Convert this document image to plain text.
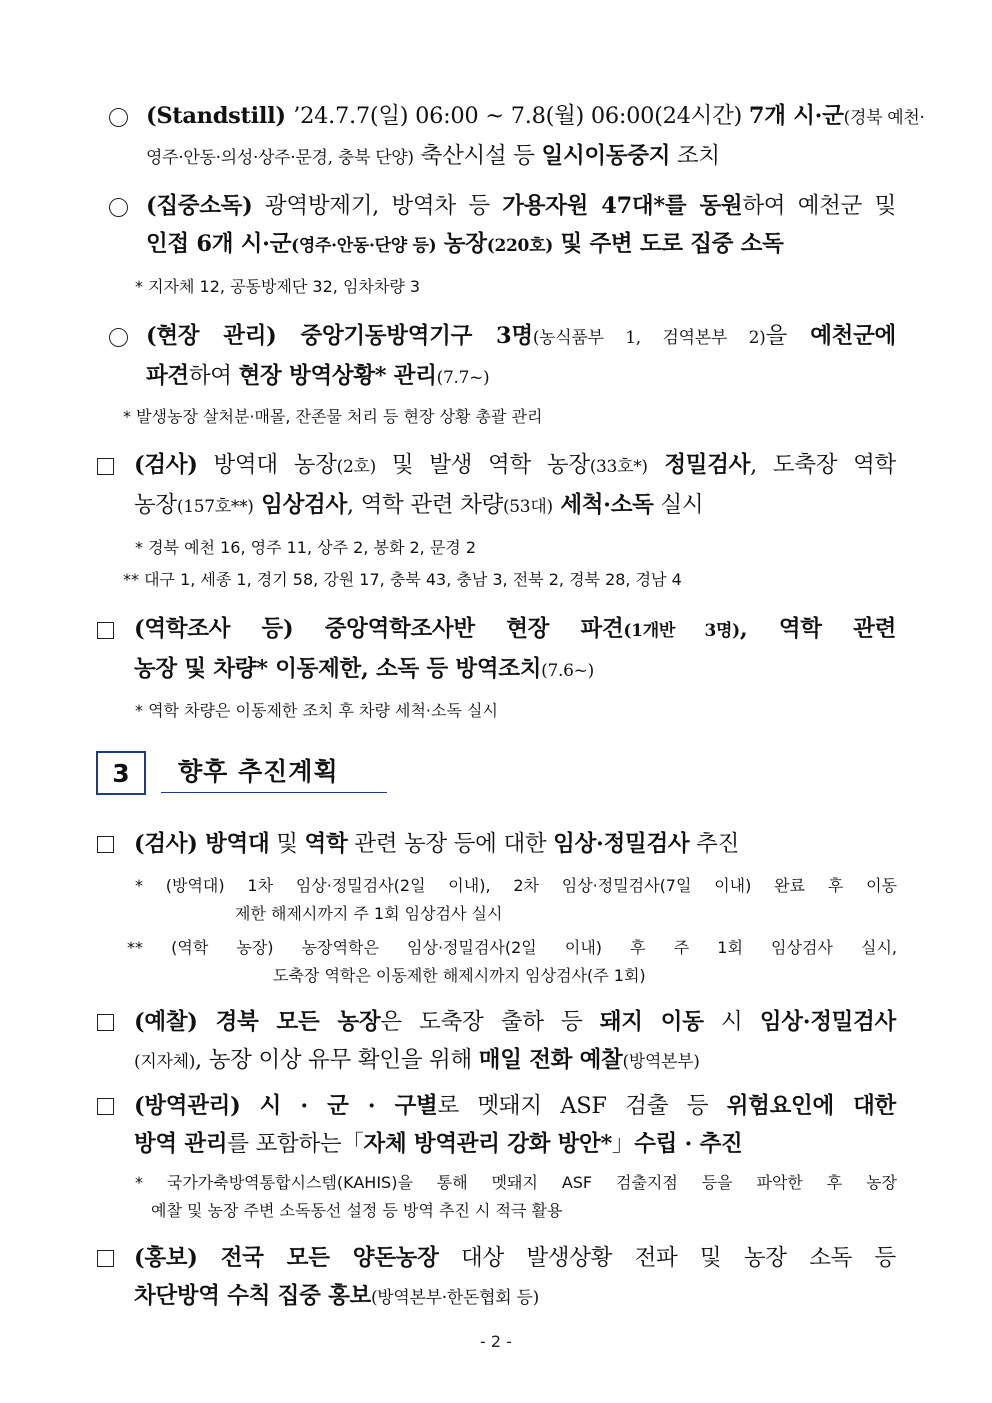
(Standstill) ’24.7.7(일) 06:00 ~ 7.8(월) 06:00(24시간) 7개 시·군(경북 예천·
영주·안동·의성·상주·문경, 충북 단양) 축산시설 등 일시이동중지 조치
(집중소독) 광역방제기, 방역차 등 가용자원 47대*를 동원하여 예천군 및
인접 6개 시·군(영주·안동·단양 등) 농장(220호) 및 주변 도로 집중 소독
* 지자체 12, 공동방제단 32, 임차차량 3
(현장 관리) 중앙기동방역기구 3명(농식품부 1, 검역본부 2)을 예천군에
파견하여 현장 방역상황* 관리(7.7~)
* 발생농장 살처분·매몰, 잔존물 처리 등 현장 상황 총괄 관리
(검사) 방역대 농장(2호) 및 발생 역학 농장(33호*) 정밀검사, 도축장 역학
농장(157호**) 임상검사, 역학 관련 차량(53대) 세척·소독 실시
* 경북 예천 16, 영주 11, 상주 2, 봉화 2, 문경 2
** 대구 1, 세종 1, 경기 58, 강원 17, 충북 43, 충남 3, 전북 2, 경북 28, 경남 4
(역학조사 등) 중앙역학조사반 현장 파견(1개반 3명), 역학 관련
농장 및 차량* 이동제한, 소독 등 방역조치(7.6~)
* 역학 차량은 이동제한 조치 후 차량 세척·소독 실시
3	향후 추진계획
(검사) 방역대 및 역학 관련 농장 등에 대한 임상·정밀검사 추진
* (방역대) 1차 임상·정밀검사(2일 이내), 2차 임상·정밀검사(7일 이내) 완료 후 이동
제한 해제시까지 주 1회 임상검사 실시
** (역학 농장) 농장역학은 임상·정밀검사(2일 이내) 후 주 1회 임상검사 실시,
도축장 역학은 이동제한 해제시까지 임상검사(주 1회)
(예찰) 경북 모든 농장은 도축장 출하 등 돼지 이동 시 임상·정밀검사
(지자체), 농장 이상 유무 확인을 위해 매일 전화 예찰(방역본부)
(방역관리) 시 · 군 · 구별로 멧돼지 ASF 검출 등 위험요인에 대한
방역 관리를 포함하는「자체 방역관리 강화 방안*」수립 · 추진
* 국가가축방역통합시스템(KAHIS)을 통해 멧돼지 ASF 검출지점 등을 파악한 후 농장
예찰 및 농장 주변 소독동선 설정 등 방역 추진 시 적극 활용
(홍보) 전국 모든 양돈농장 대상 발생상황 전파 및 농장 소독 등
차단방역 수칙 집중 홍보(방역본부·한돈협회 등)
- 2 -
